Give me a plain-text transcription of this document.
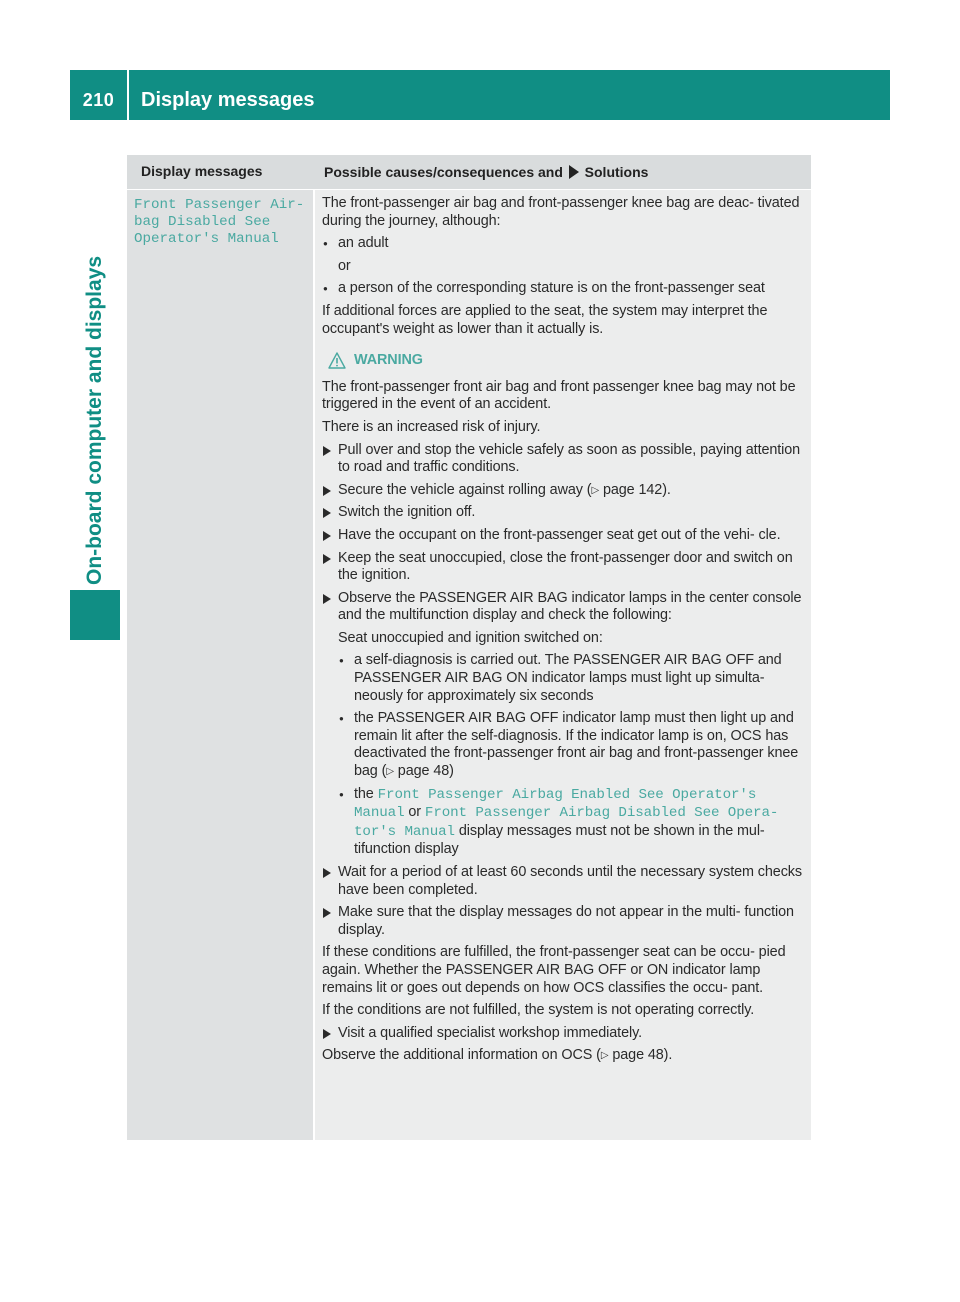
210	Display messages
On-board computer and displays
Display messages	Possible causes/consequences and Solutions
Front Passenger Air‐ bag Disabled See Operator's Manual

The front-passenger air bag and front-passenger knee bag are deac‐ tivated during the journey, although:

● an adult
or
● a person of the corresponding stature is on the front-passenger seat

If additional forces are applied to the seat, the system may interpret the occupant's weight as lower than it actually is.

WARNING

The front-passenger front air bag and front passenger knee bag may not be triggered in the event of an accident.

There is an increased risk of injury.

Pull over and stop the vehicle safely as soon as possible, paying attention to road and traffic conditions.
Secure the vehicle against rolling away (▷ page 142).
Switch the ignition off.
Have the occupant on the front-passenger seat get out of the vehi‐ cle.
Keep the seat unoccupied, close the front-passenger door and switch on the ignition.
Observe the PASSENGER AIR BAG indicator lamps in the center console and the multifunction display and check the following:
Seat unoccupied and ignition switched on:
● a self-diagnosis is carried out. The PASSENGER AIR BAG OFF and PASSENGER AIR BAG ON indicator lamps must light up simulta‐ neously for approximately six seconds
● the PASSENGER AIR BAG OFF indicator lamp must then light up and remain lit after the self-diagnosis. If the indicator lamp is on, OCS has deactivated the front-passenger front air bag and front-passenger knee bag (▷ page 48)
● the Front Passenger Airbag Enabled See Operator's Manual or Front Passenger Airbag Disabled See Opera‐ tor's Manual display messages must not be shown in the mul‐ tifunction display
Wait for a period of at least 60 seconds until the necessary system checks have been completed.
Make sure that the display messages do not appear in the multi‐ function display.

If these conditions are fulfilled, the front-passenger seat can be occu‐ pied again. Whether the PASSENGER AIR BAG OFF or ON indicator lamp remains lit or goes out depends on how OCS classifies the occu‐ pant.

If the conditions are not fulfilled, the system is not operating correctly.

Visit a qualified specialist workshop immediately.

Observe the additional information on OCS (▷ page 48).
